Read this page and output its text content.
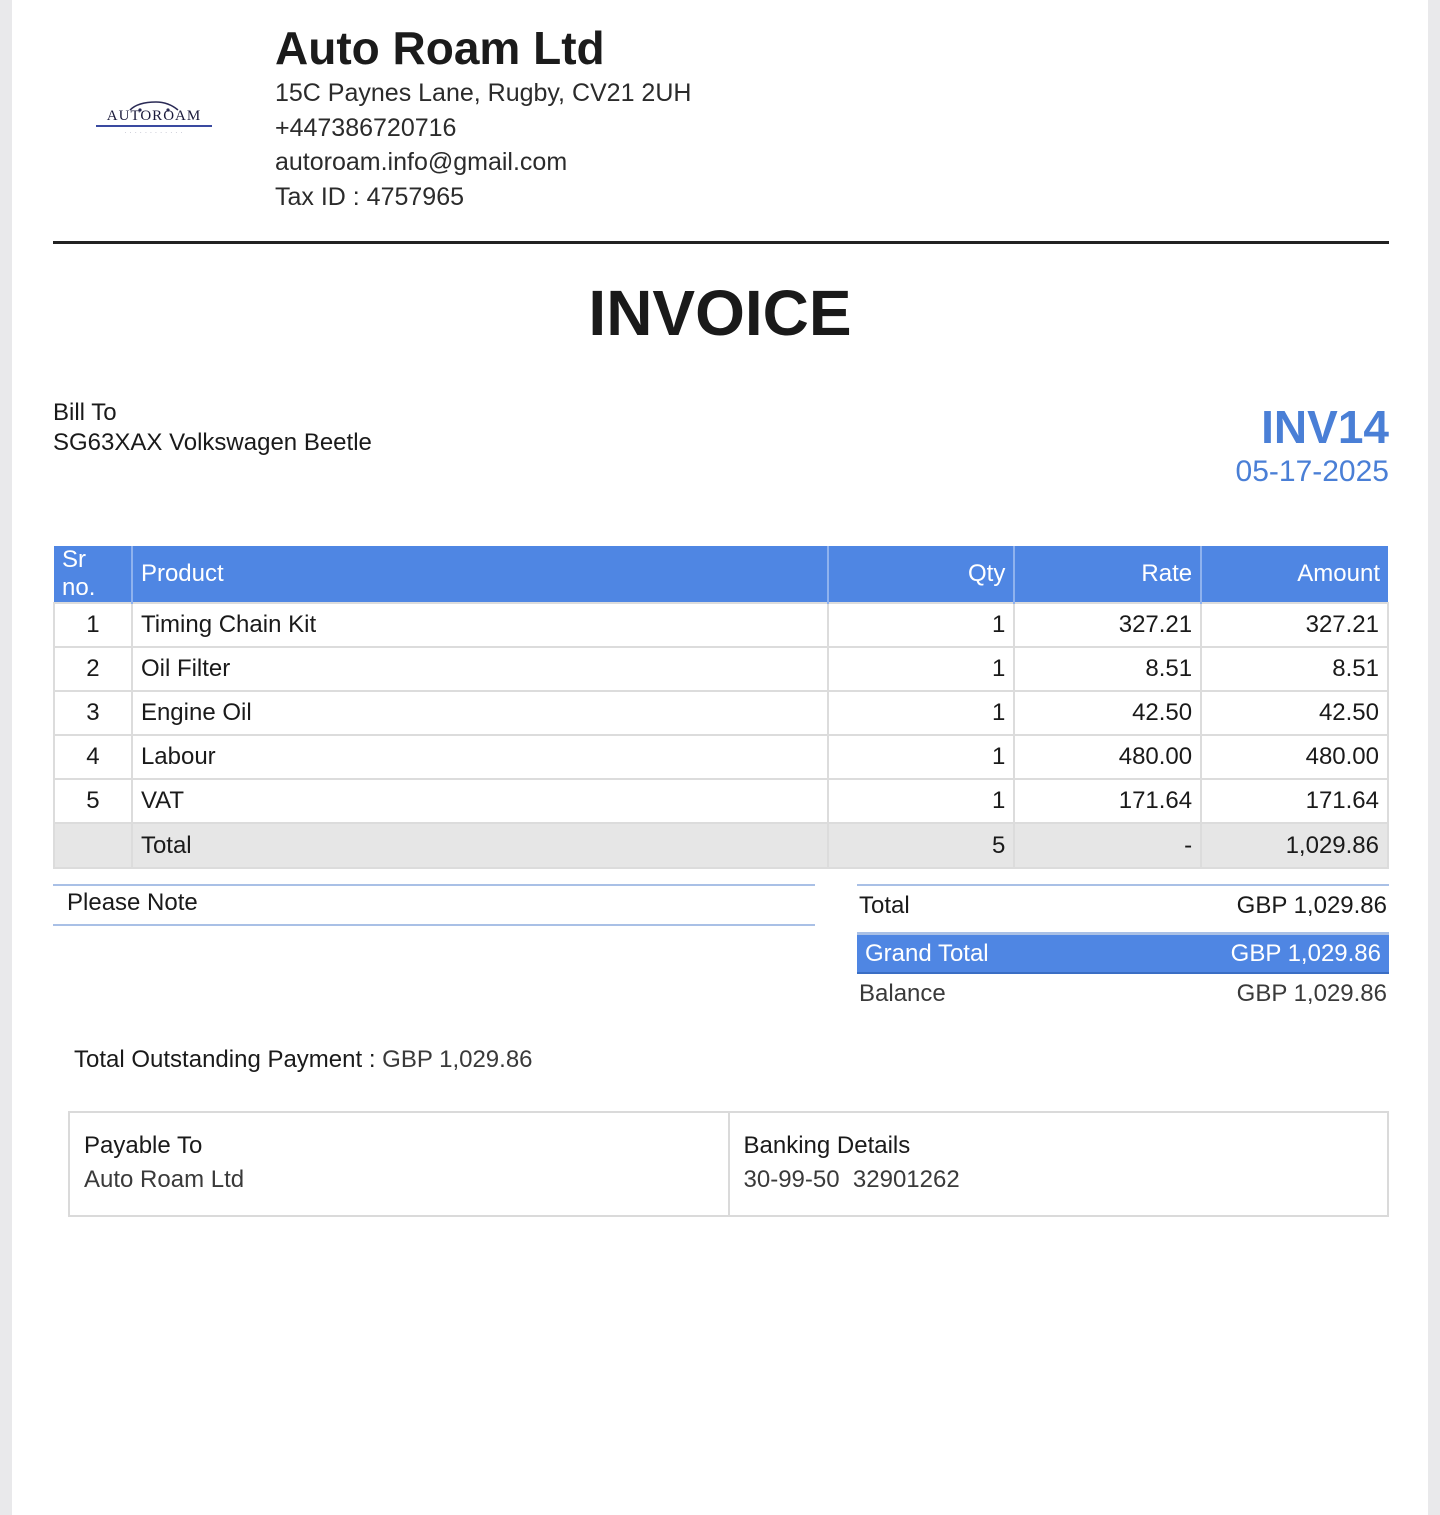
AUTOROAM
· · · · · · · · · · · ·
Auto Roam Ltd
15C Paynes Lane, Rugby, CV21 2UH
+447386720716
autoroam.info@gmail.com
Tax ID : 4757965
INVOICE
Bill To
SG63XAX Volkswagen Beetle	INV14
05-17-2025
Sr no.	Product	Qty	Rate	Amount
1	Timing Chain Kit	1	327.21	327.21
2	Oil Filter	1	8.51	8.51
3	Engine Oil	1	42.50	42.50
4	Labour	1	480.00	480.00
5	VAT	1	171.64	171.64
	Total	5	-	1,029.86
Please Note	Total	GBP 1,029.86
Grand Total	GBP 1,029.86
Balance	GBP 1,029.86
Total Outstanding Payment : GBP 1,029.86
Payable To
Auto Roam Ltd
Banking Details
30-99-50  32901262
